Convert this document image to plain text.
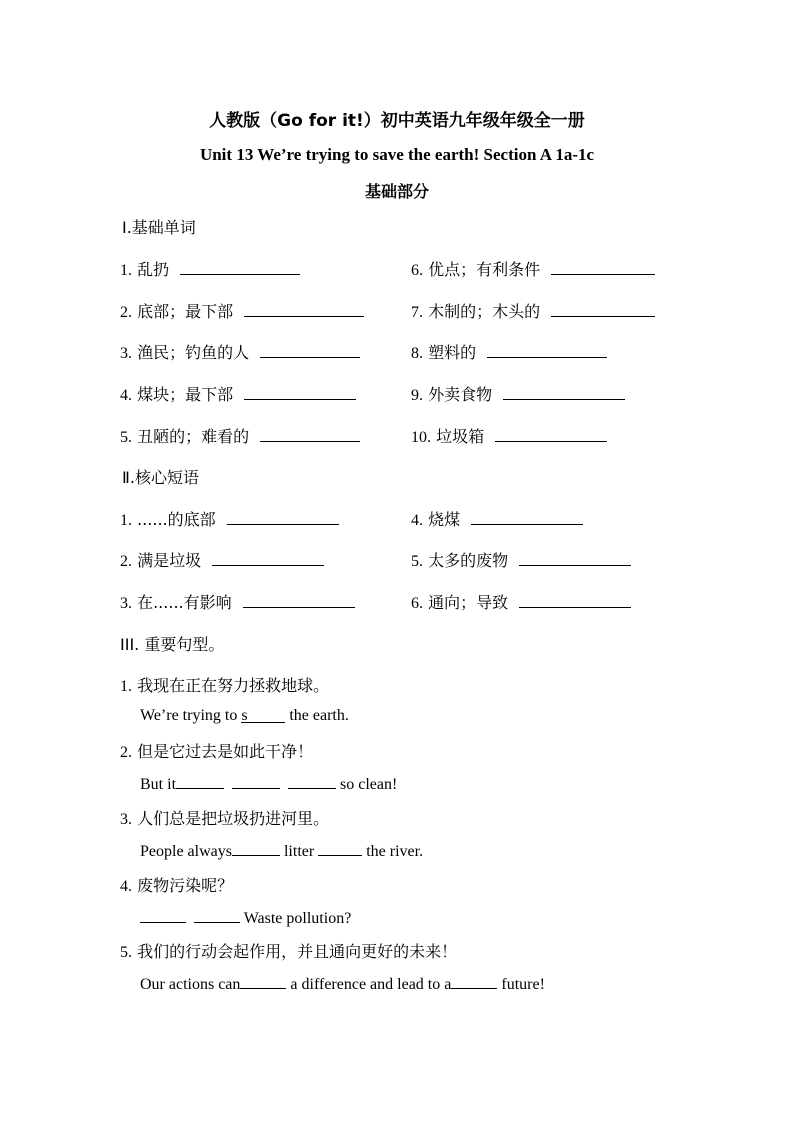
人教版（Go for it!）初中英语九年级年级全一册
Unit 13 We’re trying to save the earth! Section A 1a-1c
基础部分
Ⅰ.基础单词
1. 乱扔
2. 底部；最下部
3. 渔民；钓鱼的人
4. 煤块；最下部
5. 丑陋的；难看的
6. 优点；有利条件
7. 木制的；木头的
8. 塑料的
9. 外卖食物
10. 垃圾箱
Ⅱ.核心短语
1. ......的底部
2. 满是垃圾
3. 在......有影响
4. 烧煤
5. 太多的废物
6. 通向；导致
III. 重要句型。
1. 我现在正在努力拯救地球。
We’re trying to s the earth.
2. 但是它过去是如此干净！
But it	so clean!
3. 人们总是把垃圾扔进河里。
People always	litter	the river.
4. 废物污染呢？
Waste pollution?
5. 我们的行动会起作用，并且通向更好的未来！
Our actions can	a difference and lead to a	future!
